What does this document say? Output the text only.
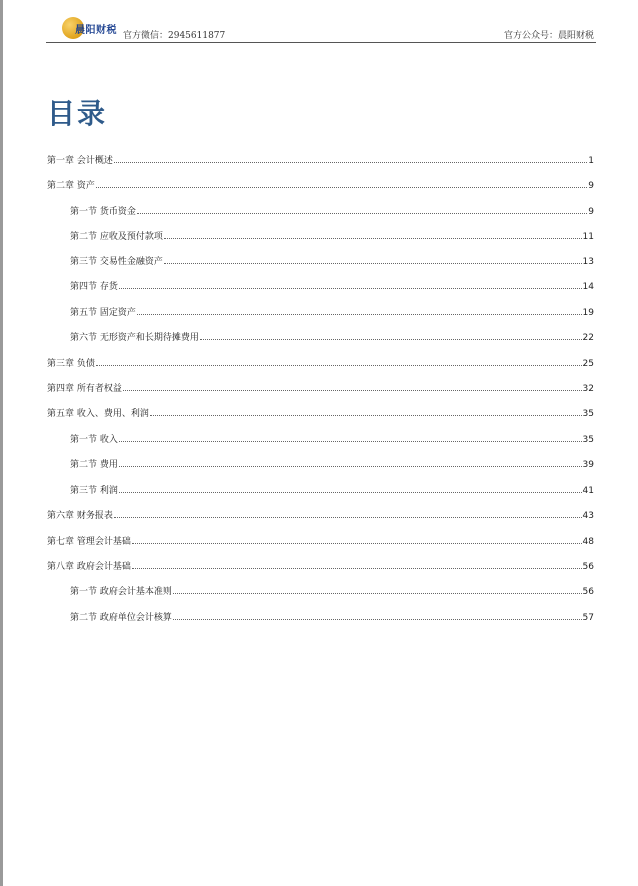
晨阳财税 官方微信：2945611877	官方公众号：晨阳财税
目录
第一章 会计概述	1
第二章 资产	9
第一节 货币资金	9
第二节 应收及预付款项	11
第三节 交易性金融资产	13
第四节 存货	14
第五节 固定资产	19
第六节 无形资产和长期待摊费用	22
第三章 负债	25
第四章 所有者权益	32
第五章 收入、费用、利润	35
第一节 收入	35
第二节 费用	39
第三节 利润	41
第六章 财务报表	43
第七章 管理会计基础	48
第八章 政府会计基础	56
第一节 政府会计基本准则	56
第二节 政府单位会计核算	57
